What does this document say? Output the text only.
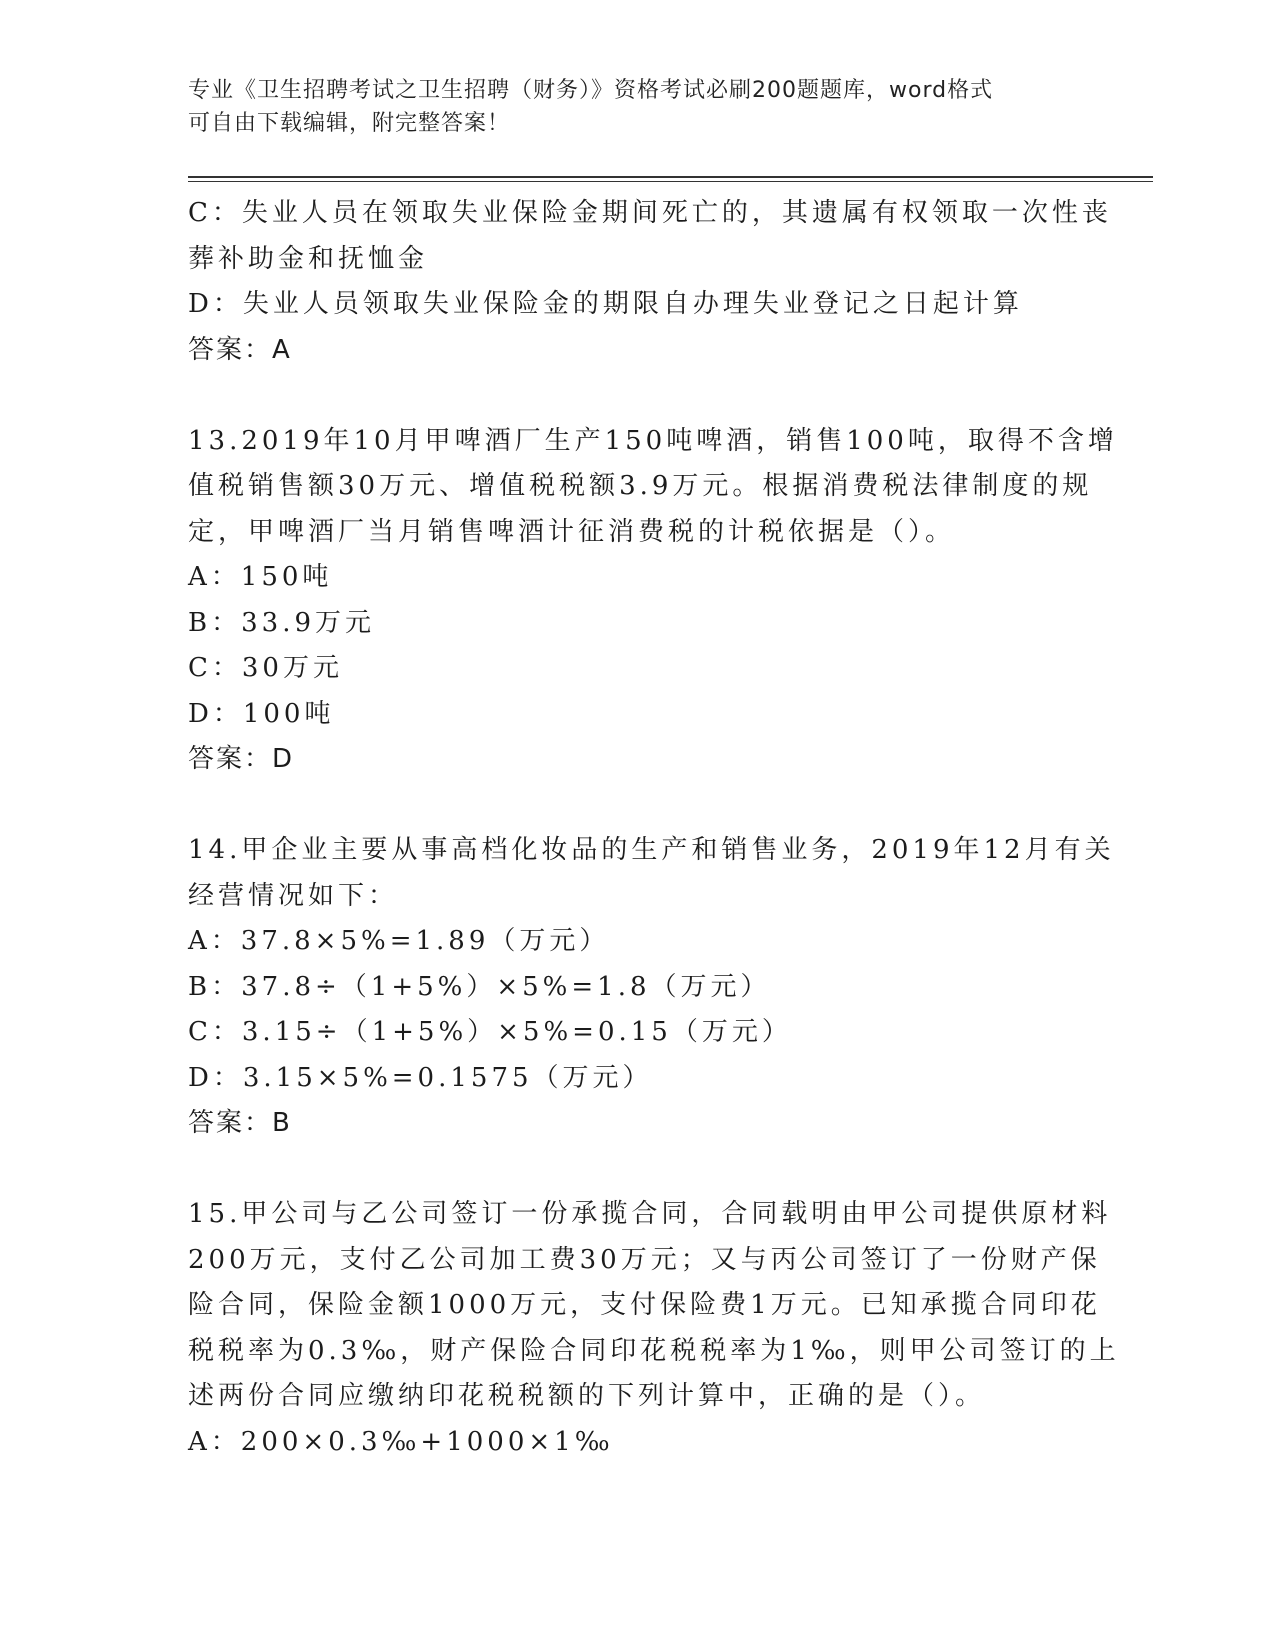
专业《卫生招聘考试之卫生招聘（财务）》资格考试必刷200题题库，word格式
可自由下载编辑，附完整答案！
C：失业人员在领取失业保险金期间死亡的，其遗属有权领取一次性丧
葬补助金和抚恤金
D：失业人员领取失业保险金的期限自办理失业登记之日起计算
答案：A
13.2019年10月甲啤酒厂生产150吨啤酒，销售100吨，取得不含增
值税销售额30万元、增值税税额3.9万元。根据消费税法律制度的规
定，甲啤酒厂当月销售啤酒计征消费税的计税依据是（）。
A：150吨
B：33.9万元
C：30万元
D：100吨
答案：D
14.甲企业主要从事高档化妆品的生产和销售业务，2019年12月有关
经营情况如下：
A：37.8×5%=1.89（万元）
B：37.8÷（1+5%）×5%=1.8（万元）
C：3.15÷（1+5%）×5%=0.15（万元）
D：3.15×5%=0.1575（万元）
答案：B
15.甲公司与乙公司签订一份承揽合同，合同载明由甲公司提供原材料
200万元，支付乙公司加工费30万元；又与丙公司签订了一份财产保
险合同，保险金额1000万元，支付保险费1万元。已知承揽合同印花
税税率为0.3‰，财产保险合同印花税税率为1‰，则甲公司签订的上
述两份合同应缴纳印花税税额的下列计算中，正确的是（）。
A：200×0.3‰+1000×1‰
